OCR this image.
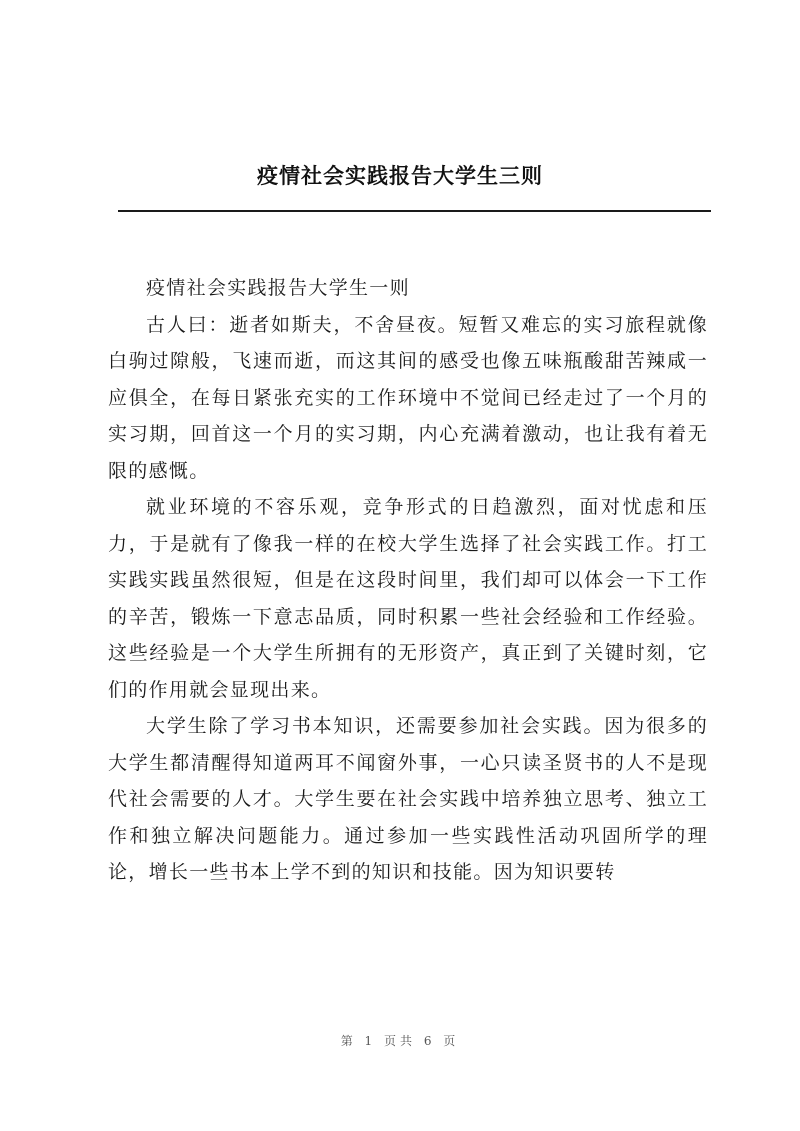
疫情社会实践报告大学生三则

疫情社会实践报告大学生一则

古人曰：逝者如斯夫，不舍昼夜。短暂又难忘的实习旅程就像白驹过隙般，飞速而逝，而这其间的感受也像五味瓶酸甜苦辣咸一应俱全，在每日紧张充实的工作环境中不觉间已经走过了一个月的实习期，回首这一个月的实习期，内心充满着激动，也让我有着无限的感慨。

就业环境的不容乐观，竞争形式的日趋激烈，面对忧虑和压力，于是就有了像我一样的在校大学生选择了社会实践工作。打工实践实践虽然很短，但是在这段时间里，我们却可以体会一下工作的辛苦，锻炼一下意志品质，同时积累一些社会经验和工作经验。这些经验是一个大学生所拥有的无形资产，真正到了关键时刻，它们的作用就会显现出来。

大学生除了学习书本知识，还需要参加社会实践。因为很多的大学生都清醒得知道两耳不闻窗外事，一心只读圣贤书的人不是现代社会需要的人才。大学生要在社会实践中培养独立思考、独立工作和独立解决问题能力。通过参加一些实践性活动巩固所学的理论，增长一些书本上学不到的知识和技能。因为知识要转

第 1 页共 6 页
